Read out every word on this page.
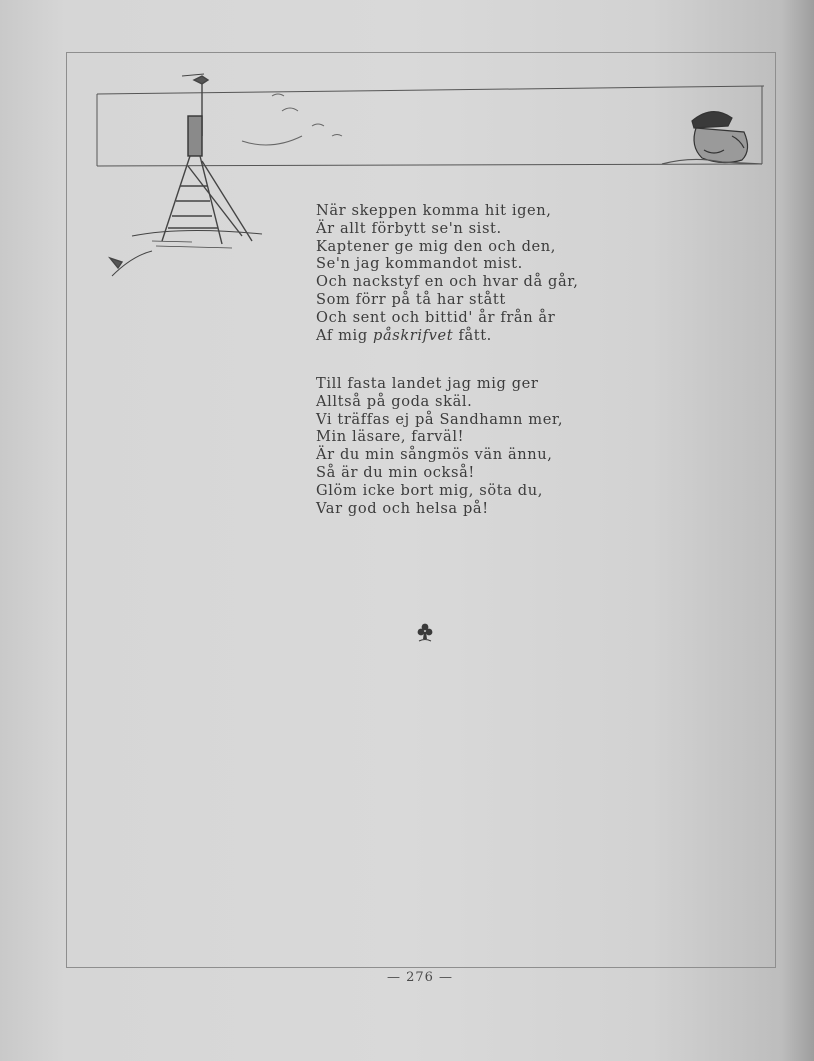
När skeppen komma hit igen,
Är allt förbytt se'n sist.
Kaptener ge mig den och den,
Se'n jag kommandot mist.
Och nackstyf en och hvar då går,
Som förr på tå har stått
Och sent och bittid' år från år
Af mig påskrifvet fått.
Till fasta landet jag mig ger
Alltså på goda skäl.
Vi träffas ej på Sandhamn mer,
Min läsare, farväl!
Är du min sångmös vän ännu,
Så är du min också!
Glöm icke bort mig, söta du,
Var god och helsa på!
— 276 —
